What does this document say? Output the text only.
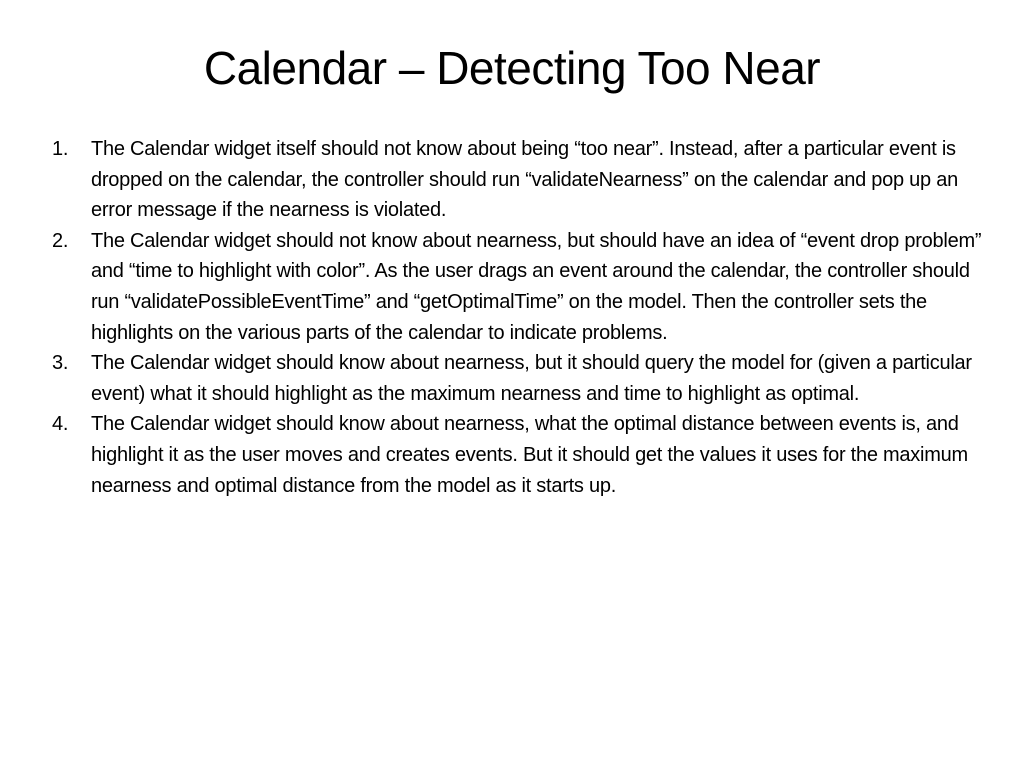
Calendar – Detecting Too Near
1. The Calendar widget itself should not know about being “too near”. Instead, after a particular event is dropped on the calendar, the controller should run “validateNearness” on the calendar and pop up an error message if the nearness is violated.
2. The Calendar widget should not know about nearness, but should have an idea of “event drop problem” and “time to highlight with color”. As the user drags an event around the calendar, the controller should run “validatePossibleEventTime” and “getOptimalTime” on the model. Then the controller sets the highlights on the various parts of the calendar to indicate problems.
3. The Calendar widget should know about nearness, but it should query the model for (given a particular event) what it should highlight as the maximum nearness and time to highlight as optimal.
4. The Calendar widget should know about nearness, what the optimal distance between events is, and highlight it as the user moves and creates events. But it should get the values it uses for the maximum nearness and optimal distance from the model as it starts up.
